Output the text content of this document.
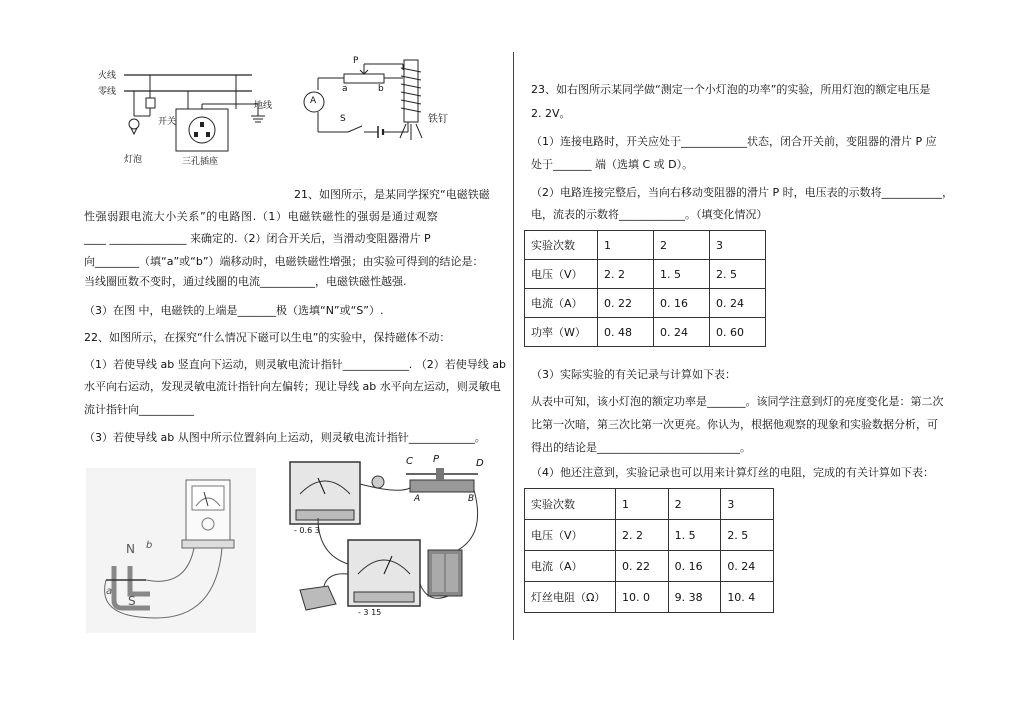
火线
零线
开关
灯泡	三孔插座
地线
P
a	b
A
S	铁钉
21、如图所示，是某同学探究“电磁铁磁
性强弱跟电流大小关系”的电路图.（1）电磁铁磁性的强弱是通过观察
____ ______________ 来确定的.（2）闭合开关后，当滑动变阻器滑片 P
向________（填“a”或“b”）端移动时，电磁铁磁性增强；由实验可得到的结论是：
当线圈匝数不变时，通过线圈的电流__________，电磁铁磁性越强.
（3）在图 中，电磁铁的上端是_______极（选填“N”或“S”）.
22、如图所示，在探究“什么情况下磁可以生电”的实验中，保持磁体不动：
（1）若使导线 ab 竖直向下运动，则灵敏电流计指针____________. （2）若使导线 ab
水平向右运动，发现灵敏电流计指针向左偏转；现让导线 ab 水平向左运动，则灵敏电
流计指针向__________
（3）若使导线 ab 从图中所示位置斜向上运动，则灵敏电流计指针____________。
N
S
a
b
C P	D
A	B
- 0.6 3
- 3 15
23、如右图所示某同学做“测定一个小灯泡的功率”的实验，所用灯泡的额定电压是
2. 2V。
（1）连接电路时，开关应处于____________状态，闭合开关前，变阻器的滑片 P 应
处于_______ 端（选填 C 或 D）。
（2）电路连接完整后，当向右移动变阻器的滑片 P 时，电压表的示数将___________，
电，流表的示数将____________。（填变化情况）
实验次数	1	2	3
电压（V）	2. 2	1. 5	2. 5
电流（A）	0. 22	0. 16	0. 24
功率（W）	0. 48	0. 24	0. 60
（3）实际实验的有关记录与计算如下表：
从表中可知，该小灯泡的额定功率是_______。该同学注意到灯的亮度变化是：第二次
比第一次暗，第三次比第一次更亮。你认为，根据他观察的现象和实验数据分析，可
得出的结论是__________________________。
（4）他还注意到，实验记录也可以用来计算灯丝的电阻，完成的有关计算如下表：
实验次数	1	2	3
电压（V）	2. 2	1. 5	2. 5
电流（A）	0. 22	0. 16	0. 24
灯丝电阻（Ω）	10. 0	9. 38	10. 4
